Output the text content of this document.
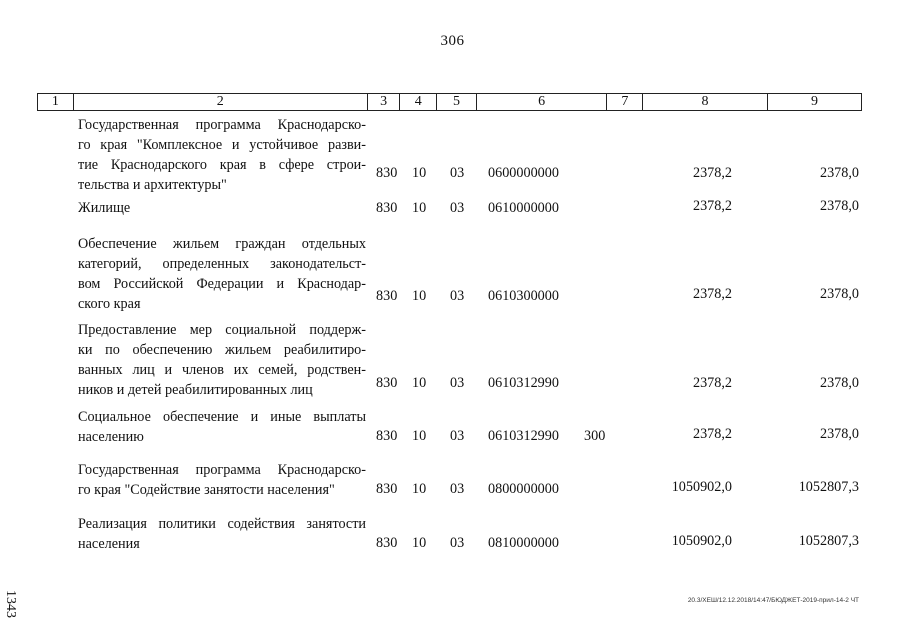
306
1	2	3	4	5	6	7	8	9
Государственная программа Краснодарско-
го края "Комплексное и устойчивое разви-
тие Краснодарского края в сфере строи-
тельства и архитектуры"
830 10 03 0600000000	2378,2	2378,0
Жилище	830 10 03 0610000000	2378,2	2378,0
Обеспечение жильем граждан отдельных
категорий, определенных законодательст-
вом Российской Федерации и Краснодар-
ского края	830 10 03 0610300000	2378,2	2378,0
Предоставление мер социальной поддерж-
ки по обеспечению жильем реабилитиро-
ванных лиц и членов их семей, родствен-
ников и детей реабилитированных лиц	830 10 03 0610312990	2378,2	2378,0
Социальное обеспечение и иные выплаты
населению	830 10 03 0610312990 300	2378,2	2378,0
Государственная программа Краснодарско-
го края "Содействие занятости населения"	830 10 03 0800000000	1050902,0	1052807,3
Реализация политики содействия занятости
населения	830 10 03 0810000000	1050902,0	1052807,3
1343	20.3/ХЕШ/12.12.2018/14:47/БЮДЖЕТ-2019-прил-14-2 ЧТ
